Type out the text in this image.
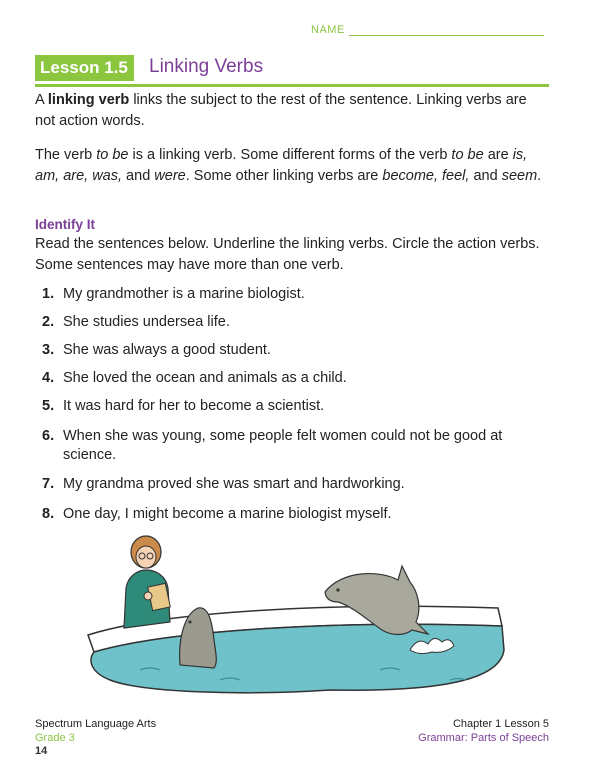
NAME
Lesson 1.5	Linking Verbs

A linking verb links the subject to the rest of the sentence. Linking verbs are not action words.

The verb to be is a linking verb. Some different forms of the verb to be are is, am, are, was, and were. Some other linking verbs are become, feel, and seem.

Identify It

Read the sentences below. Underline the linking verbs. Circle the action verbs. Some sentences may have more than one verb.

1. My grandmother is a marine biologist.
2. She studies undersea life.
3. She was always a good student.
4. She loved the ocean and animals as a child.
5. It was hard for her to become a scientist.
6. When she was young, some people felt women could not be good at science.
7. My grandma proved she was smart and hardworking.
8. One day, I might become a marine biologist myself.
Spectrum Language Arts
Grade 3
14
Chapter 1 Lesson 5
Grammar: Parts of Speech
